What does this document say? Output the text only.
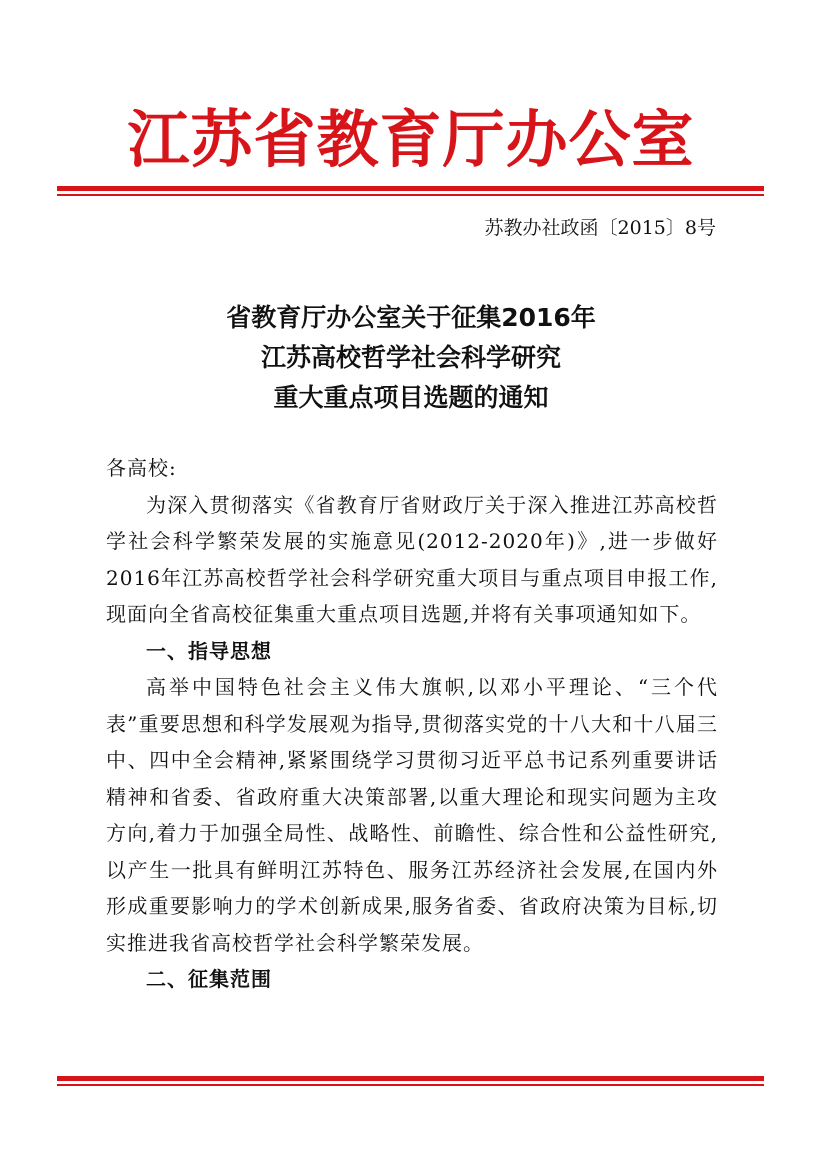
江苏省教育厅办公室
苏教办社政函〔2015〕8号
省教育厅办公室关于征集2016年
江苏高校哲学社会科学研究
重大重点项目选题的通知

各高校:

为深入贯彻落实《省教育厅省财政厅关于深入推进江苏高校哲学社会科学繁荣发展的实施意见(2012-2020年)》,进一步做好2016年江苏高校哲学社会科学研究重大项目与重点项目申报工作,现面向全省高校征集重大重点项目选题,并将有关事项通知如下。

一、指导思想

高举中国特色社会主义伟大旗帜,以邓小平理论、“三个代表”重要思想和科学发展观为指导,贯彻落实党的十八大和十八届三中、四中全会精神,紧紧围绕学习贯彻习近平总书记系列重要讲话精神和省委、省政府重大决策部署,以重大理论和现实问题为主攻方向,着力于加强全局性、战略性、前瞻性、综合性和公益性研究,以产生一批具有鲜明江苏特色、服务江苏经济社会发展,在国内外形成重要影响力的学术创新成果,服务省委、省政府决策为目标,切实推进我省高校哲学社会科学繁荣发展。

二、征集范围
